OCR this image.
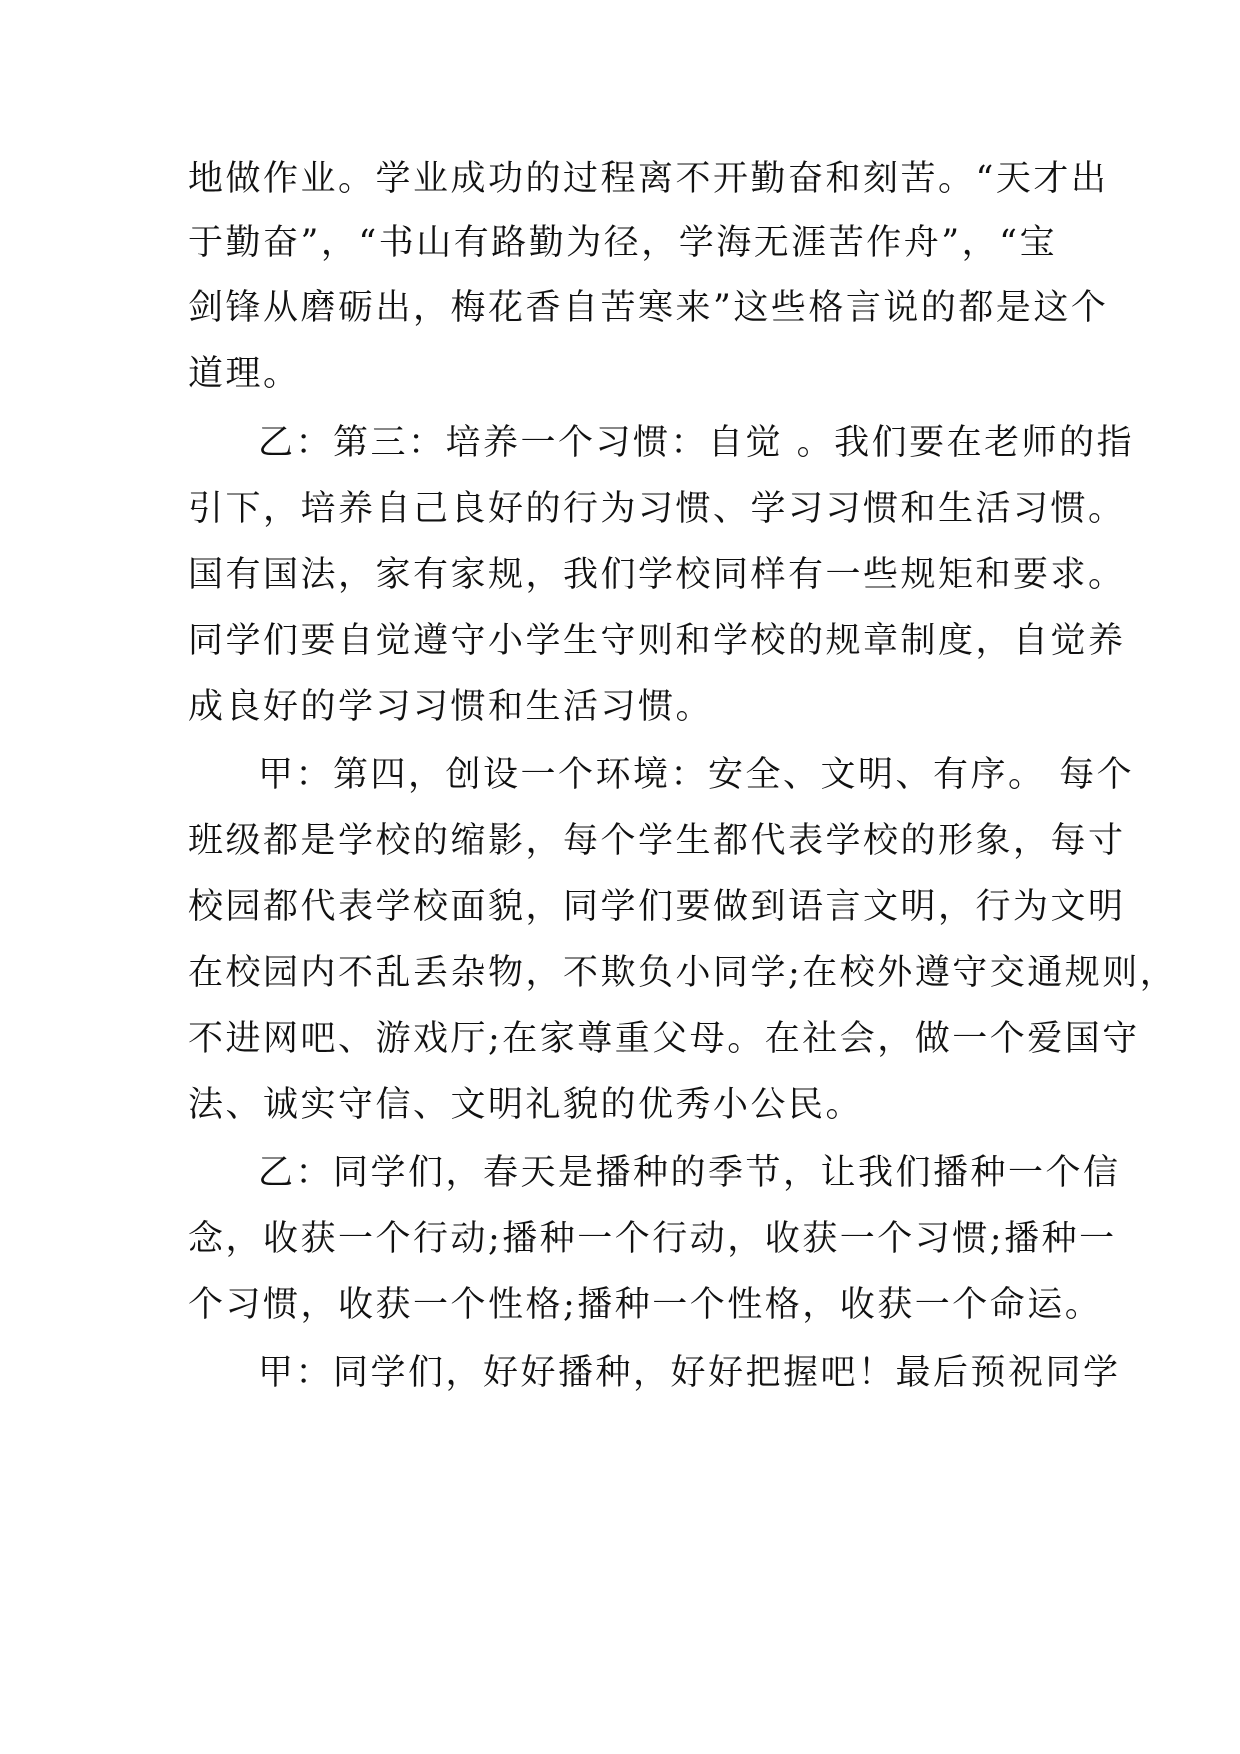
地做作业。学业成功的过程离不开勤奋和刻苦。“天才出
于勤奋”，“书山有路勤为径，学海无涯苦作舟”，“宝
剑锋从磨砺出，梅花香自苦寒来”这些格言说的都是这个
道理。
乙：第三：培养一个习惯：自觉 。我们要在老师的指
引下，培养自己良好的行为习惯、学习习惯和生活习惯。
国有国法，家有家规，我们学校同样有一些规矩和要求。
同学们要自觉遵守小学生守则和学校的规章制度，自觉养
成良好的学习习惯和生活习惯。
甲：第四，创设一个环境：安全、文明、有序。 每个
班级都是学校的缩影，每个学生都代表学校的形象，每寸
校园都代表学校面貌，同学们要做到语言文明，行为文明
在校园内不乱丢杂物，不欺负小同学;在校外遵守交通规则，
不进网吧、游戏厅;在家尊重父母。在社会，做一个爱国守
法、诚实守信、文明礼貌的优秀小公民。
乙：同学们，春天是播种的季节，让我们播种一个信
念，收获一个行动;播种一个行动，收获一个习惯;播种一
个习惯，收获一个性格;播种一个性格，收获一个命运。
甲：同学们，好好播种，好好把握吧！最后预祝同学
